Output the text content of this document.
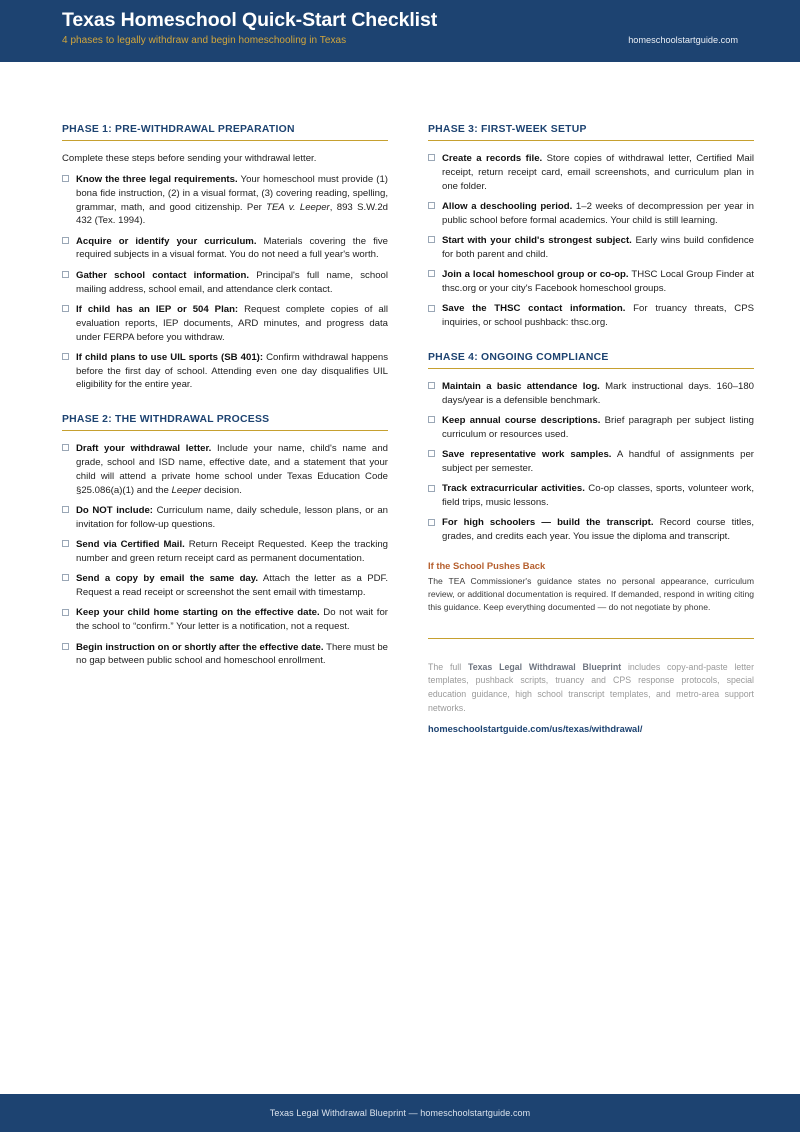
Texas Homeschool Quick-Start Checklist
4 phases to legally withdraw and begin homeschooling in Texas	homeschoolstartguide.com
PHASE 1: PRE-WITHDRAWAL PREPARATION
Complete these steps before sending your withdrawal letter.
Know the three legal requirements. Your homeschool must provide (1) bona fide instruction, (2) in a visual format, (3) covering reading, spelling, grammar, math, and good citizenship. Per TEA v. Leeper, 893 S.W.2d 432 (Tex. 1994).
Acquire or identify your curriculum. Materials covering the five required subjects in a visual format. You do not need a full year's worth.
Gather school contact information. Principal's full name, school mailing address, school email, and attendance clerk contact.
If child has an IEP or 504 Plan: Request complete copies of all evaluation reports, IEP documents, ARD minutes, and progress data under FERPA before you withdraw.
If child plans to use UIL sports (SB 401): Confirm withdrawal happens before the first day of school. Attending even one day disqualifies UIL eligibility for the entire year.
PHASE 2: THE WITHDRAWAL PROCESS
Draft your withdrawal letter. Include your name, child's name and grade, school and ISD name, effective date, and a statement that your child will attend a private home school under Texas Education Code §25.086(a)(1) and the Leeper decision.
Do NOT include: Curriculum name, daily schedule, lesson plans, or an invitation for follow-up questions.
Send via Certified Mail. Return Receipt Requested. Keep the tracking number and green return receipt card as permanent documentation.
Send a copy by email the same day. Attach the letter as a PDF. Request a read receipt or screenshot the sent email with timestamp.
Keep your child home starting on the effective date. Do not wait for the school to “confirm.” Your letter is a notification, not a request.
Begin instruction on or shortly after the effective date. There must be no gap between public school and homeschool enrollment.
PHASE 3: FIRST-WEEK SETUP
Create a records file. Store copies of withdrawal letter, Certified Mail receipt, return receipt card, email screenshots, and curriculum plan in one folder.
Allow a deschooling period. 1–2 weeks of decompression per year in public school before formal academics. Your child is still learning.
Start with your child's strongest subject. Early wins build confidence for both parent and child.
Join a local homeschool group or co-op. THSC Local Group Finder at thsc.org or your city's Facebook homeschool groups.
Save the THSC contact information. For truancy threats, CPS inquiries, or school pushback: thsc.org.
PHASE 4: ONGOING COMPLIANCE
Maintain a basic attendance log. Mark instructional days. 160–180 days/year is a defensible benchmark.
Keep annual course descriptions. Brief paragraph per subject listing curriculum or resources used.
Save representative work samples. A handful of assignments per subject per semester.
Track extracurricular activities. Co-op classes, sports, volunteer work, field trips, music lessons.
For high schoolers — build the transcript. Record course titles, grades, and credits each year. You issue the diploma and transcript.
If the School Pushes Back
The TEA Commissioner's guidance states no personal appearance, curriculum review, or additional documentation is required. If demanded, respond in writing citing this guidance. Keep everything documented — do not negotiate by phone.
The full Texas Legal Withdrawal Blueprint includes copy-and-paste letter templates, pushback scripts, truancy and CPS response protocols, special education guidance, high school transcript templates, and metro-area support networks.
homeschoolstartguide.com/us/texas/withdrawal/
Texas Legal Withdrawal Blueprint — homeschoolstartguide.com
